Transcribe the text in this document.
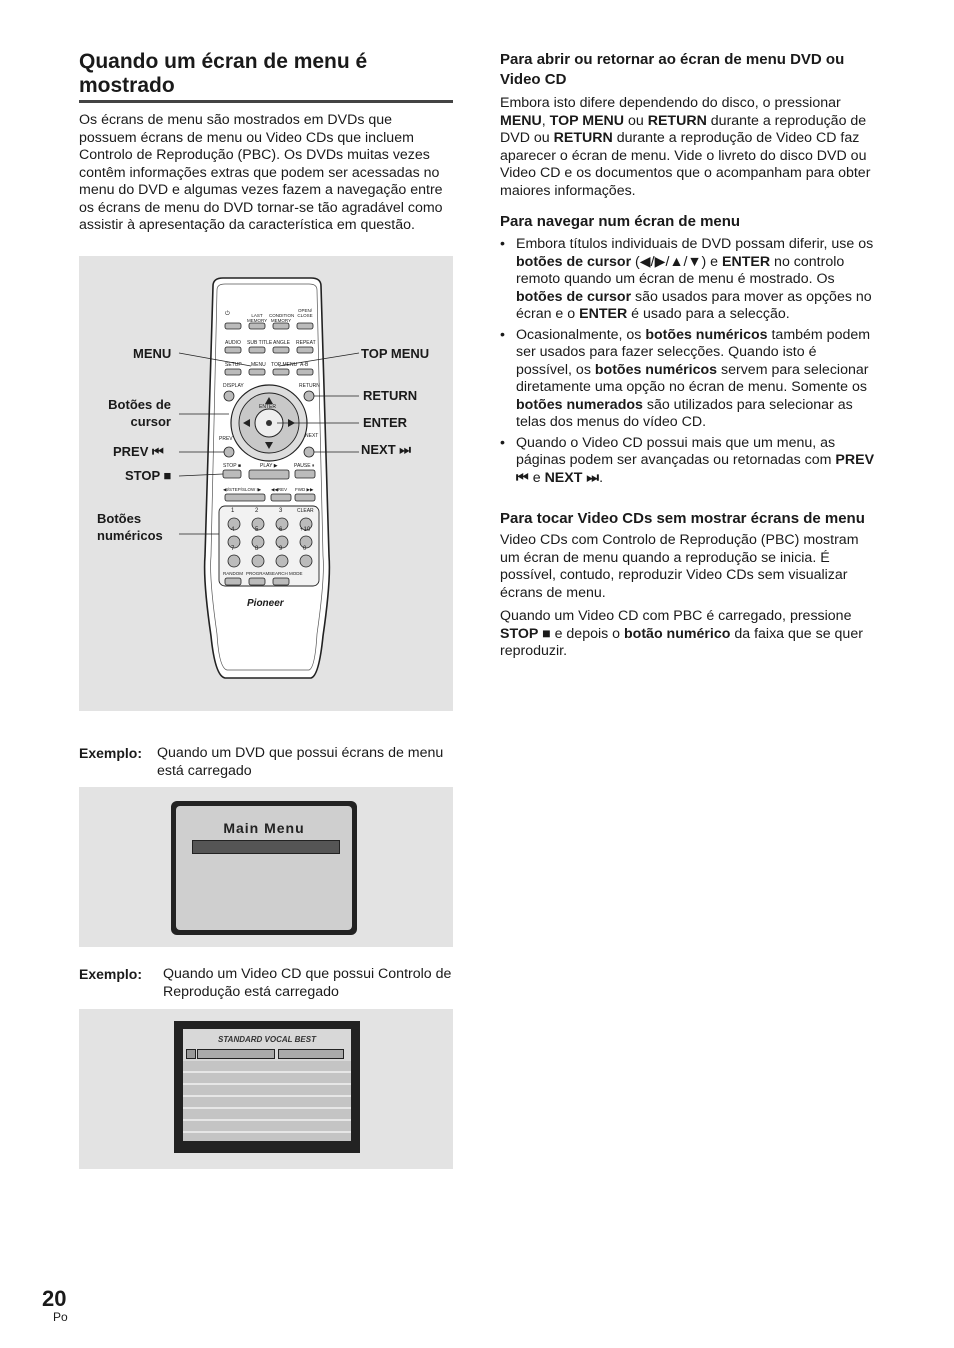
Quando um écran de menu é mostrado

Os écrans de menu são mostrados em DVDs que possuem écrans de menu ou Video CDs que incluem Controlo de Reprodução (PBC). Os DVDs muitas vezes contêm informações extras que podem ser acessadas no menu do DVD e algumas vezes fazem a navegação entre os écrans de menu do DVD tornar-se tão agradável como assistir à apresentação da característica em questão.

⏻	LAST MEMORY
CONDITION MEMORY
OPEN/ CLOSE
AUDIO SUB TITLE ANGLE REPEAT
SETUP MENU TOP MENU A-B
DISPLAY	RETURN
ENTER
PREV	NEXT
STOP ■	PLAY ▶	PAUSE ⏸
◀I/STEP/SLOW I▶ ◀◀REV FWD ▶▶
1	2	3	CLEAR
4	5	6	+10
7	8	9	0
RANDOM PROGRAM SEARCH MODE
Pioneer
MENU
Botões de
cursor
PREV ⏮
STOP ■
Botões
numéricos
TOP MENU
RETURN
ENTER
NEXT ⏭
Exemplo: Quando um DVD que possui écrans de menu está carregado

Main Menu
Exemplo: Quando um Video CD que possui Controlo de Reprodução está carregado

STANDARD VOCAL BEST
Para abrir ou retornar ao écran de menu DVD ou Video CD

Embora isto difere dependendo do disco, o pressionar MENU, TOP MENU ou RETURN durante a reprodução de DVD ou RETURN durante a reprodução de Video CD faz aparecer o écran de menu. Vide o livreto do disco DVD ou Video CD e os documentos que o acompanham para obter maiores informações.

Para navegar num écran de menu
• Embora títulos individuais de DVD possam diferir, use os botões de cursor (◀/▶/▲/▼) e ENTER no controlo remoto quando um écran de menu é mostrado. Os botões de cursor são usados para mover as opções no écran e o ENTER é usado para a selecção.
• Ocasionalmente, os botões numéricos também podem ser usados para fazer selecções. Quando isto é possível, os botões numéricos servem para selecionar diretamente uma opção no écran de menu. Somente os botões numerados são utilizados para selecionar as telas dos menus do vídeo CD.
• Quando o Video CD possui mais que um menu, as páginas podem ser avançadas ou retornadas com PREV ⏮ e NEXT ⏭.
Para tocar Video CDs sem mostrar écrans de menu

Video CDs com Controlo de Reprodução (PBC) mostram um écran de menu quando a reprodução se inicia. É possível, contudo, reproduzir Video CDs sem visualizar écrans de menu.

Quando um Video CD com PBC é carregado, pressione STOP ■ e depois o botão numérico da faixa que se quer reproduzir.

20
Po
